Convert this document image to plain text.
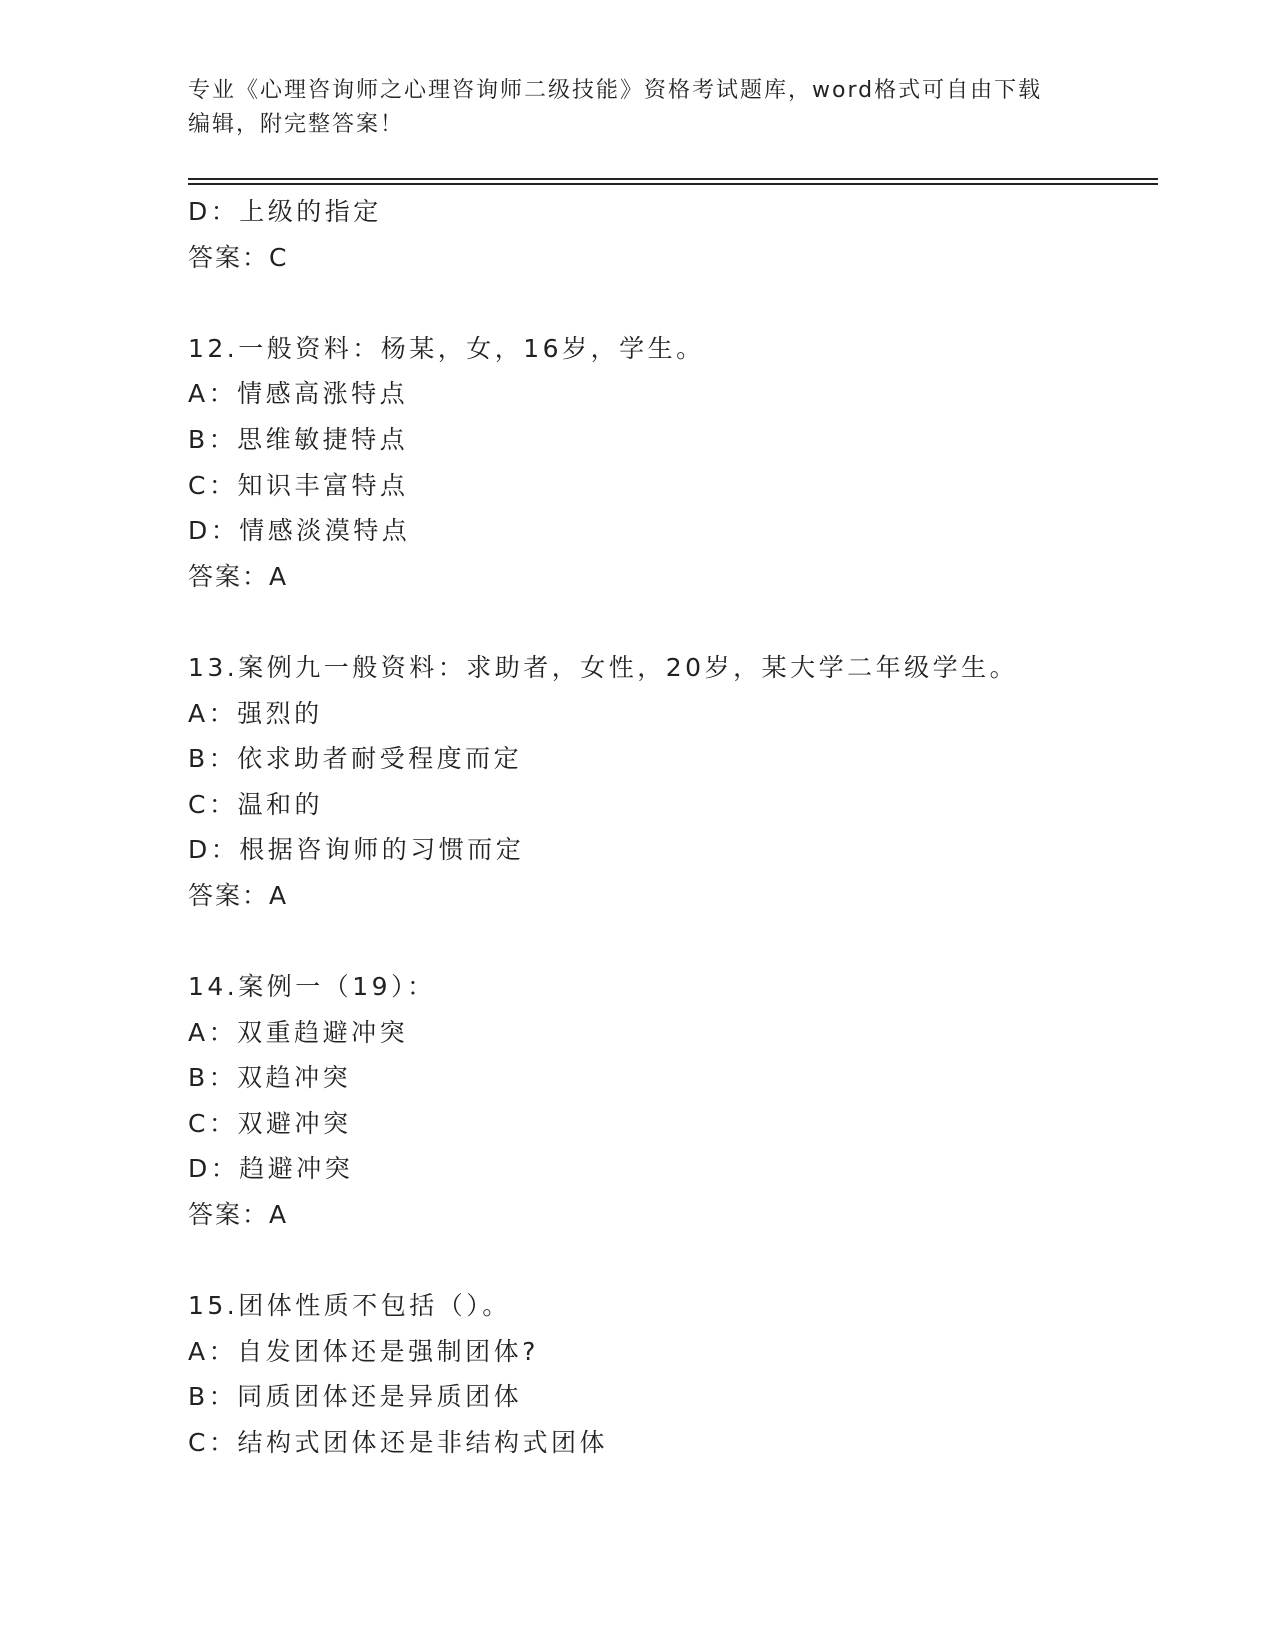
专业《心理咨询师之心理咨询师二级技能》资格考试题库，word格式可自由下载
编辑，附完整答案！
D：上级的指定
答案：C
12.一般资料：杨某，女，16岁，学生。
A：情感高涨特点
B：思维敏捷特点
C：知识丰富特点
D：情感淡漠特点
答案：A
13.案例九一般资料：求助者，女性，20岁，某大学二年级学生。
A：强烈的
B：依求助者耐受程度而定
C：温和的
D：根据咨询师的习惯而定
答案：A
14.案例一（19）：
A：双重趋避冲突
B：双趋冲突
C：双避冲突
D：趋避冲突
答案：A
15.团体性质不包括（）。
A：自发团体还是强制团体?
B：同质团体还是异质团体
C：结构式团体还是非结构式团体
